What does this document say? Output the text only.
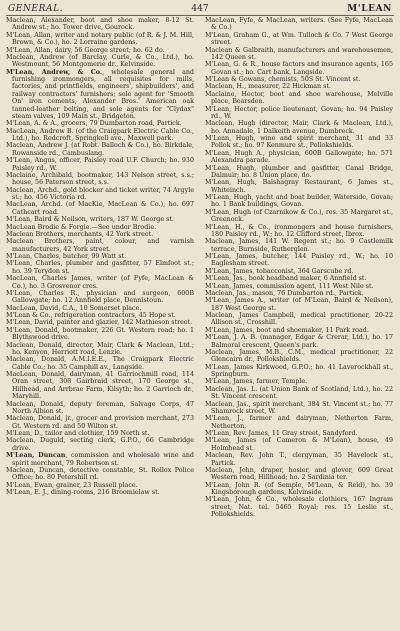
GENERAL.	447	M'LEAN
Maclean, Alexander, boot and shoe maker, 8-12 St. Andrew st.; ho. Tower drive, Gourock.
M'Lean, Allan, writer and notary public (of R. & J. M. Hill, Brown, & Co.), ho. 2 Lorraine gardens.
M'Lean, Allan, dairy, 56 George street; ho. 62 do.
Maclean, Andrew (of Barclay, Curle, & Co., Ltd.), ho. Westmount, 56 Montgomerie dr., Kelvinside.
M'Lean, Andrew, & Co., wholesale general and furnishing ironmongers, all requisites for mills, factories, and printfields, engineers', shipbuilders', and railway contractors' furnishers; sole agent for 'Smooth On' iron cements, Alexander Bros.' American oak tanned-leather belting, and sole agents for "Clydax" steam valves, 109 Main st., Bridgeton.
M'Lean, A. & A., grocers, 79 Dumbarton road, Partick.
MacLean, Andrew B. (of the Craigpark Electric Cable Co., Ltd.), ho. Redcroft, Springkell ave., Maxwell park.
Maclean, Andrew J. (at Robt. Balloch & Co.), ho. Birkdale, Rowanside rd., Cambuslang.
M'Lean, Angus, officer, Paisley road U.F. Church; ho. 930 Paisley rd., W.
Maclaine, Archibald, bootmaker, 143 Nelson street, s.s.; house, 56 Paterson street, s.s.
Maclean, Archd., gold blocker and ticket writer, 74 Argyle st.; ho. 456 Victoria rd.
MacLean, Archd. (of MacKie, MacLean & Co.), ho. 697 Cathcart road.
M'Lean, Baird & Neilson, writers, 187 W. George st.
MacLean Brodie & Forgie.—See under Brodie.
Maclean Brothers, merchants, 42 York street.
Maclean Brothers, paint, colour, and varnish manufacturers, 42 York street.
M'Lean, Charles, butcher, 99 Watt st.
M'Lean, Charles, plumber and gasfitter, 57 Elmfoot st.; ho. 39 Terydon st.
MacLean, Charles James, writer (of Fyfe, MacLean & Co.), ho. 3 Grosvenor cres.
M'Lean, Charles R., physician and surgeon, 600B Gallowgate; ho. 12 Annfield place, Dennistoun.
MacLean, David, C.A., 10 Somerset place.
M'Lean & Co., refrigeration contractors, 45 Hope st.
M'Lean, David, painter and glazier, 142 Mathieson street.
M'Lean, Donald, bootmaker, 226 Gt. Western road; ho. 1 Blythswood drive.
Maclean, Donald, director, Mair, Clark & Maclean, Ltd.; ho. Kenyon, Herriott road, Lenzie.
Maclean, Donald, A.M.I.E.E., The Craigpark Electric Cable Co.; ho. 35 Camphill av., Langside.
MacLean, Donald, dairyman, 41 Garriochmill road, 114 Oran street, 308 Gairbraid street, 170 George st., Hillhead, and Arrbrae Farm, Kilsyth; ho. 2 Garrioch dr., Maryhill.
Maclean, Donald, deputy foreman, Salvage Corps, 47 North Albion st.
Maclean, Donald, jr., grocer and provision merchant, 273 Gt. Western rd. and 50 Wilton st.
M'Lean, D., tailor and clothier, 159 North st.
Maclean, Duguld, secting clerk, G.P.O., 66 Cambridge drive.
M'Lean, Duncan, commission and wholesale wine and spirit merchant, 79 Robertson st.
Maclean, Duncan, detective constable, St. Rollox Police Office; ho. 80 Petershill rd.
M'Lean, Ewan, grainer, 23 Russell place.
M'Lean, E. J., dining-rooms, 216 Broomielaw st.
MacLean, Fyfe, & MacLean, writers. (See Fyfe, MacLean & Co.)
M'Lean, Graham G., at Wm. Tulloch & Co. 7 West George street.
Maclean & Galbraith, manufacturers and warehousemen, 142 Queen st.
M'Lean, G. & R., house factors and insurance agents, 165 Govan st.; ho. Cart bank, Langside.
M'Lean & Gowans, chemists, 50S St. Vincent st.
Maclean, H., measurer, 22 Hickman st.
Maclaine, Hector, boot and shoe warehouse, Melville place, Bearsden.
M'Lean, Hector, police lieutenant, Govan; ho. 94 Paisley rd., W.
Maclean, Hugh (director, Mair, Clark & Maclean, Ltd.), ho. Annadale, 1 Dalkeith avenue, Dumbreck.
M'Lean, Hugh, wine and spirit merchant, 31 and 33 Pollok st.; ho. 97 Kenmure st., Pollokshields.
M'Lean, Hugh A., physician, 600B Gallowgate; ho. 571 Alexandra parade.
M'Lean, Hugh, plumber and gasfitter, Canal Bridge, Dalmuir; ho. 8 Union place, do.
M'Lean, Hugh, Balshagray Restaurant, 6 James st., Whiteinch.
M'Lean, Hugh, yacht and boat builder, Waterside, Govan; ho. 1 Bank buildings, Govan.
M'Lean, Hugh (of Czarnikow & Co.), res. 35 Margaret st., Greenock.
M'Lean, H., & Co., ironmongers and house furnishers, 180 Paisley rd., W.; ho. 12 Clifford street, Ibrox.
Maclean, James, 141 W. Regent st.; ho. 9 Castlemilk terrace, Burnside, Rutherglen.
M'Lean, James, butcher, 144 Paisley rd., W.; ho. 10 Eaglesham street.
M'Lean, James, tobacconist, 364 Garscube rd.
M'Lean, Jas., book headband maker, 6 Annfield st.
M'Lean, James, commission agent, 111 West Nile st.
Maclean, Jas., mason, 76 Dumbarton rd., Partick.
M'Lean, James A., writer (of M'Lean, Baird & Neilson), 187 West George st.
Maclean, James Campbell, medical practitioner, 20-22 Allison st., Crosshill.
M'Lean, James, boot and shoemaker, 11 Park road.
M'Lean, J. A. B. (manager, Edgar & Crerar, Ltd.), ho. 17 Balmoral crescent, Queen's park.
Maclean, James, M.B., C.M., medical practitioner, 22 Glencairn dr., Pollokshields.
M'Lean, James Kirkwood, G.P.O.; ho. 41 Laverockhall st., Springburn.
M'Lean, James, farmer, Temple.
Maclean, Jas. L. (at Union Bank of Scotland, Ltd.), ho. 22 St. Vincent crescent.
Maclean, Jas., spirit merchant, 384 St. Vincent st.; ho. 77 Shamrock street, W.
M'Lean, J., farmer and dairyman, Netherton Farm, Netherton.
M'Lean, Rev. James, 11 Gray street, Sandyford.
M'Lean, James (of Cameron & M'Lean), house, 49 Holmhead st.
Maclean, Rev. John T., clergyman, 35 Havelock st., Partick.
Maclean, John, draper, hosier, and glover, 609 Great Western road, Hillhead; ho. 2 Sardinia ter.
M'Lean, John R. (of Semple, M'Lean, & Reid), ho. 39 Kingsborough gardens, Kelvinside.
M'Lean, John, & Co., wholesale clothiers, 167 Ingram street; Nat. tel. 5465 Royal; res. 15 Leslie st., Pollokshields.
